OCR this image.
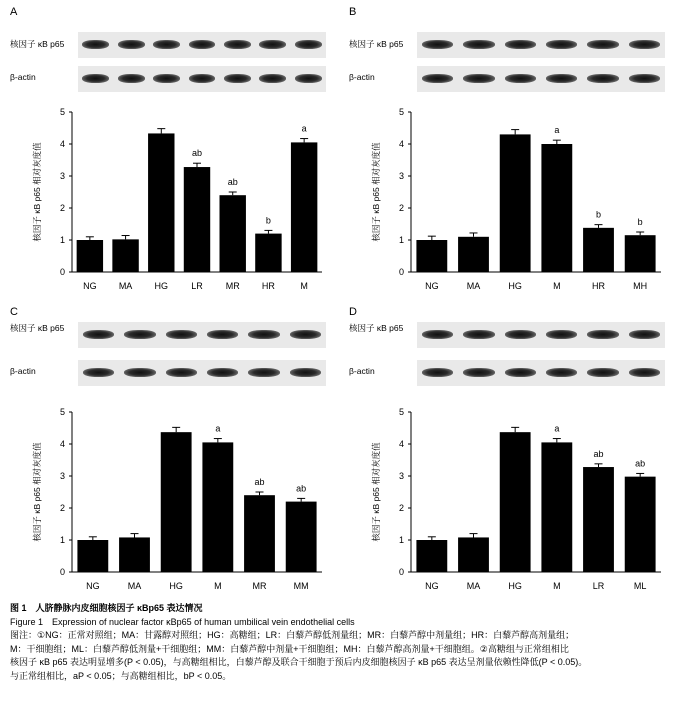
A
核因子 κB p65
β-actin
核因子 κB p65 相对灰度值
0
1
2
3
4
5
NG MA HG	LR
ab
MR
ab
HR
b
M
a
B
核因子 κB p65
β-actin
核因子 κB p65 相对灰度值
0
1
2
3
4
5
NG	MA	HG	M
a
HR
b
MH
b
C
核因子 κB p65
β-actin
核因子 κB p65 相对灰度值
0
1
2
3
4
5
NG	MA	HG	M
a
MR
ab
MM
ab
D
核因子 κB p65
β-actin
核因子 κB p65 相对灰度值
0
1
2
3
4
5
NG	MA	HG	M
a
LR
ab
ML
ab
图 1　人脐静脉内皮细胞核因子 κBp65 表达情况
Figure 1　Expression of nuclear factor κBp65 of human umbilical vein endothelial cells
图注：①NG：正常对照组；MA：甘露醇对照组；HG：高糖组；LR：白藜芦醇低剂量组；MR：白藜芦醇中剂量组；HR：白藜芦醇高剂量组；
M：干细胞组；ML：白藜芦醇低剂量+干细胞组；MM：白藜芦醇中剂量+干细胞组；MH：白藜芦醇高剂量+干细胞组。②高糖组与正常组相比
核因子 κB p65 表达明显增多(P < 0.05)，与高糖组相比，白藜芦醇及联合干细胞于预后内皮细胞核因子 κB p65 表达呈剂量依赖性降低(P < 0.05)。
与正常组相比，aP < 0.05；与高糖组相比，bP < 0.05。
